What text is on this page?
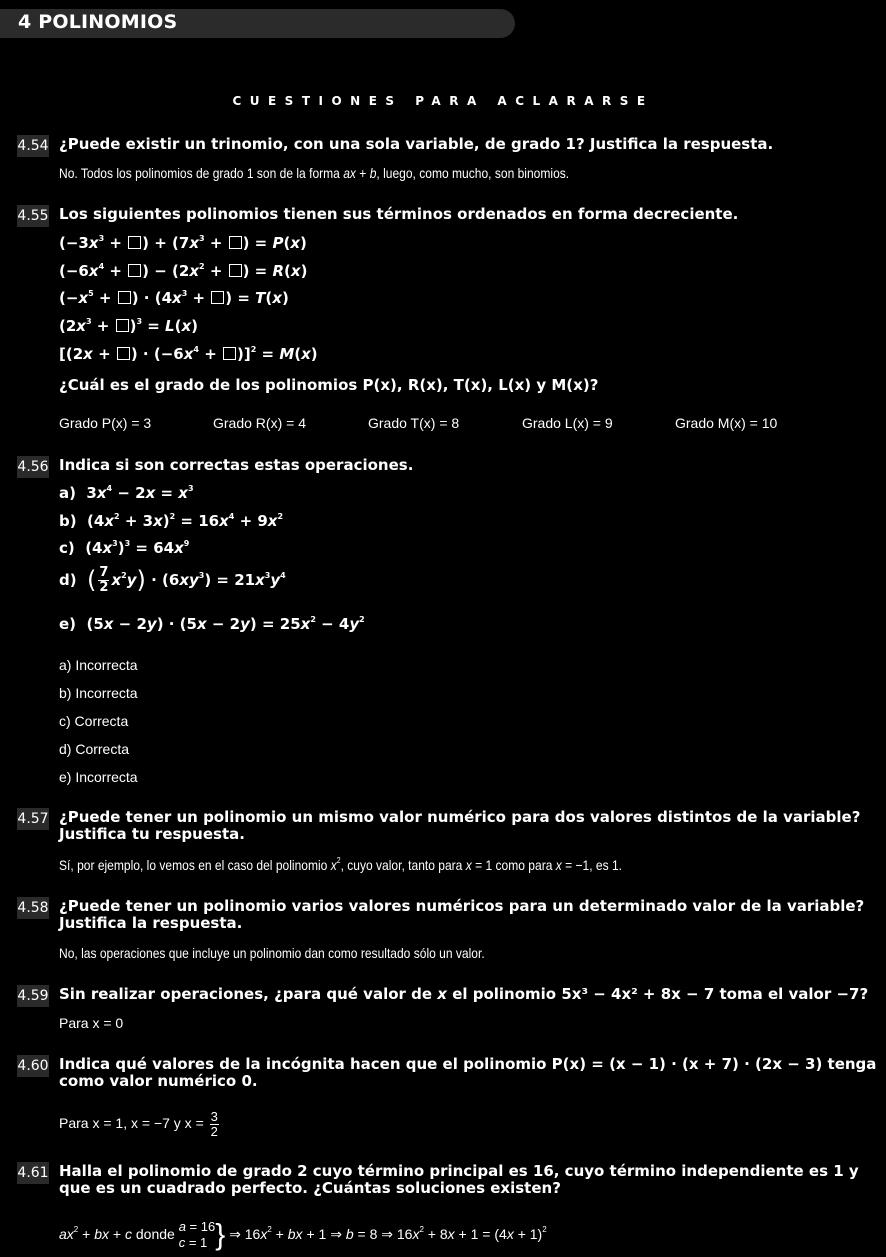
4 POLINOMIOS
CUESTIONES PARA ACLARARSE
4.54 ¿Puede existir un trinomio, con una sola variable, de grado 1? Justifica la respuesta.
No. Todos los polinomios de grado 1 son de la forma ax + b, luego, como mucho, son binomios.
4.55 Los siguientes polinomios tienen sus términos ordenados en forma decreciente.
($-3x^3$ + ) + ($7x^3$ + ) = P(x)
($-6x^4$ + ) − ($2x^2$ + ) = R(x)
($-x^5$ + ) · ($4x^3$ + ) = T(x)
$(2x^3 + )^3 = L(x)$
[(2x + ) · $(-6x^4 + )]^2 = M(x)$
¿Cuál es el grado de los polinomios P(x), R(x), T(x), L(x) y M(x)?
Grado P(x) = 3	Grado R(x) = 4	Grado T(x) = 8	Grado L(x) = 9	Grado M(x) = 10
4.56 Indica si son correctas estas operaciones.
a)  $3x^4 - 2x = x^3$
b)  $(4x^2 + 3x)^2 = 16x^4 + 9x^2$
c)  $(4x^3)^3 = 64x^9$
d)  ( $\frac{7}{2} x^2y) \cdot (6xy^3) = 21x^3y^4$
e)  $(5x - 2y) \cdot (5x - 2y) = 25x^2 - 4y^2$
a) Incorrecta
b) Incorrecta
c) Correcta
d) Correcta
e) Incorrecta
4.57 ¿Puede tener un polinomio un mismo valor numérico para dos valores distintos de la variable? Justifica tu respuesta.
Sí, por ejemplo, lo vemos en el caso del polinomio $x^2$, cuyo valor, tanto para x = 1 como para x = −1, es 1.
4.58 ¿Puede tener un polinomio varios valores numéricos para un determinado valor de la variable? Justifica la respuesta.
No, las operaciones que incluye un polinomio dan como resultado sólo un valor.
4.59 Sin realizar operaciones, ¿para qué valor de x el polinomio 5x³ − 4x² + 8x − 7 toma el valor −7?
Para x = 0
4.60 Indica qué valores de la incógnita hacen que el polinomio P(x) = (x − 1) · (x + 7) · (2x − 3) tenga como valor numérico 0.
Para x = 1, x = −7 y $x = \frac{3}{2}$
4.61 Halla el polinomio de grado 2 cuyo término principal es 16, cuyo término independiente es 1 y que es un cuadrado perfecto. ¿Cuántas soluciones existen?
$ax^2$ + bx + c donde a = 16
c = 1 } ⇒ $16x^2$ + bx + 1 ⇒ b = 8 ⇒ $16x^2 + 8x + 1 = (4x + 1)^2$
